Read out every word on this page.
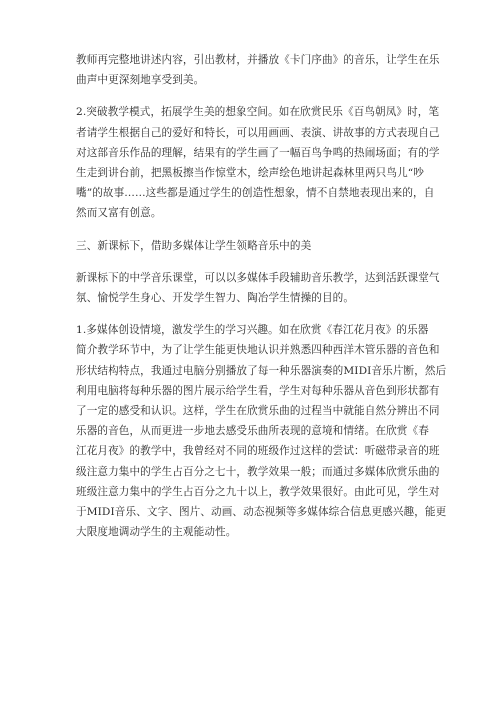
教师再完整地讲述内容，引出教材，并播放《卡门序曲》的音乐，让学生在乐
曲声中更深刻地享受到美。
2.突破教学模式，拓展学生美的想象空间。如在欣赏民乐《百鸟朝凤》时，笔
者请学生根据自己的爱好和特长，可以用画画、表演、讲故事的方式表现自己
对这部音乐作品的理解，结果有的学生画了一幅百鸟争鸣的热闹场面；有的学
生走到讲台前，把黑板擦当作惊堂木，绘声绘色地讲起森林里两只鸟儿“吵
嘴”的故事……这些都是通过学生的创造性想象，情不自禁地表现出来的，自
然而又富有创意。
三、新课标下，借助多媒体让学生领略音乐中的美
新课标下的中学音乐课堂，可以以多媒体手段辅助音乐教学，达到活跃课堂气
氛、愉悦学生身心、开发学生智力、陶冶学生情操的目的。
1.多媒体创设情境，激发学生的学习兴趣。如在欣赏《春江花月夜》的乐器
简介教学环节中，为了让学生能更快地认识并熟悉四种西洋木管乐器的音色和
形状结构特点，我通过电脑分别播放了每一种乐器演奏的MIDI音乐片断，然后
利用电脑将每种乐器的图片展示给学生看，学生对每种乐器从音色到形状都有
了一定的感受和认识。这样，学生在欣赏乐曲的过程当中就能自然分辨出不同
乐器的音色，从而更进一步地去感受乐曲所表现的意境和情绪。在欣赏《春
江花月夜》的教学中，我曾经对不同的班级作过这样的尝试：听磁带录音的班
级注意力集中的学生占百分之七十，教学效果一般；而通过多媒体欣赏乐曲的
班级注意力集中的学生占百分之九十以上，教学效果很好。由此可见，学生对
于MIDI音乐、文字、图片、动画、动态视频等多媒体综合信息更感兴趣，能更
大限度地调动学生的主观能动性。
